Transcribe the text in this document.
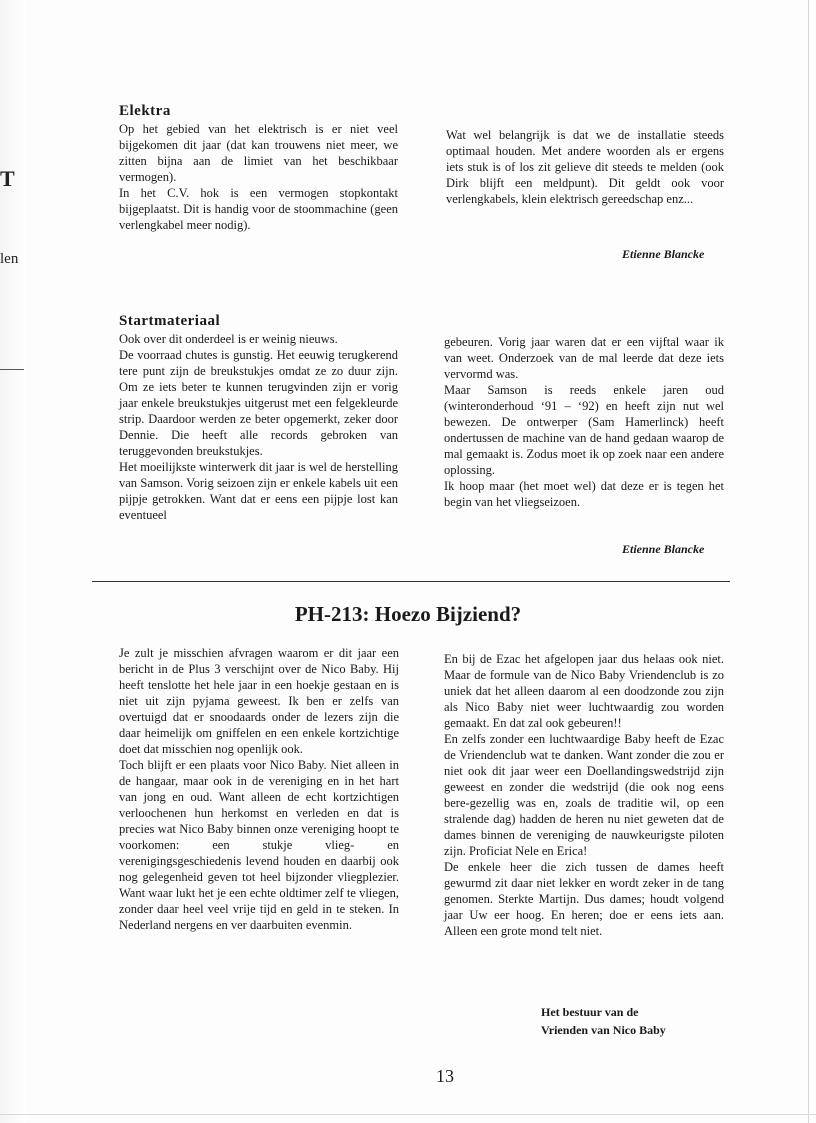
T
len
Elektra

Op het gebied van het elektrisch is er niet veel bijgekomen dit jaar (dat kan trouwens niet meer, we zitten bijna aan de limiet van het beschikbaar vermogen).

In het C.V. hok is een vermogen stopkontakt bijgeplaatst. Dit is handig voor de stoommachine (geen verlengkabel meer nodig).

Wat wel belangrijk is dat we de installatie steeds optimaal houden. Met andere woorden als er ergens iets stuk is of los zit gelieve dit steeds te melden (ook Dirk blijft een meldpunt). Dit geldt ook voor verlengkabels, klein elektrisch gereedschap enz...

Etienne Blancke

Startmateriaal

Ook over dit onderdeel is er weinig nieuws.

De voorraad chutes is gunstig. Het eeuwig terugkerend tere punt zijn de breukstukjes omdat ze zo duur zijn. Om ze iets beter te kunnen terugvinden zijn er vorig jaar enkele breukstukjes uitgerust met een felgekleurde strip. Daardoor werden ze beter opgemerkt, zeker door Dennie. Die heeft alle records gebroken van teruggevonden breukstukjes.

Het moeilijkste winterwerk dit jaar is wel de herstelling van Samson. Vorig seizoen zijn er enkele kabels uit een pijpje getrokken. Want dat er eens een pijpje lost kan eventueel

gebeuren. Vorig jaar waren dat er een vijftal waar ik van weet. Onderzoek van de mal leerde dat deze iets vervormd was.

Maar Samson is reeds enkele jaren oud (winteronderhoud ‘91 – ‘92) en heeft zijn nut wel bewezen. De ontwerper (Sam Hamerlinck) heeft ondertussen de machine van de hand gedaan waarop de mal gemaakt is. Zodus moet ik op zoek naar een andere oplossing.

Ik hoop maar (het moet wel) dat deze er is tegen het begin van het vliegseizoen.

Etienne Blancke

PH-213: Hoezo Bijziend?

Je zult je misschien afvragen waarom er dit jaar een bericht in de Plus 3 verschijnt over de Nico Baby. Hij heeft tenslotte het hele jaar in een hoekje gestaan en is niet uit zijn pyjama geweest. Ik ben er zelfs van overtuigd dat er snoodaards onder de lezers zijn die daar heimelijk om gniffelen en een enkele kortzichtige doet dat misschien nog openlijk ook.

Toch blijft er een plaats voor Nico Baby. Niet alleen in de hangaar, maar ook in de vereniging en in het hart van jong en oud. Want alleen de echt kortzichtigen verloochenen hun herkomst en verleden en dat is precies wat Nico Baby binnen onze vereniging hoopt te voorkomen: een stukje vlieg- en verenigingsgeschiedenis levend houden en daarbij ook nog gelegenheid geven tot heel bijzonder vliegplezier. Want waar lukt het je een echte oldtimer zelf te vliegen, zonder daar heel veel vrije tijd en geld in te steken. In Nederland nergens en ver daarbuiten evenmin.

En bij de Ezac het afgelopen jaar dus helaas ook niet. Maar de formule van de Nico Baby Vriendenclub is zo uniek dat het alleen daarom al een doodzonde zou zijn als Nico Baby niet weer luchtwaardig zou worden gemaakt. En dat zal ook gebeuren!!

En zelfs zonder een luchtwaardige Baby heeft de Ezac de Vriendenclub wat te danken. Want zonder die zou er niet ook dit jaar weer een Doellandingswedstrijd zijn geweest en zonder die wedstrijd (die ook nog eens bere-gezellig was en, zoals de traditie wil, op een stralende dag) hadden de heren nu niet geweten dat de dames binnen de vereniging de nauwkeurigste piloten zijn. Proficiat Nele en Erica!

De enkele heer die zich tussen de dames heeft gewurmd zit daar niet lekker en wordt zeker in de tang genomen. Sterkte Martijn. Dus dames; houdt volgend jaar Uw eer hoog. En heren; doe er eens iets aan. Alleen een grote mond telt niet.

Het bestuur van de

Vrienden van Nico Baby

13
